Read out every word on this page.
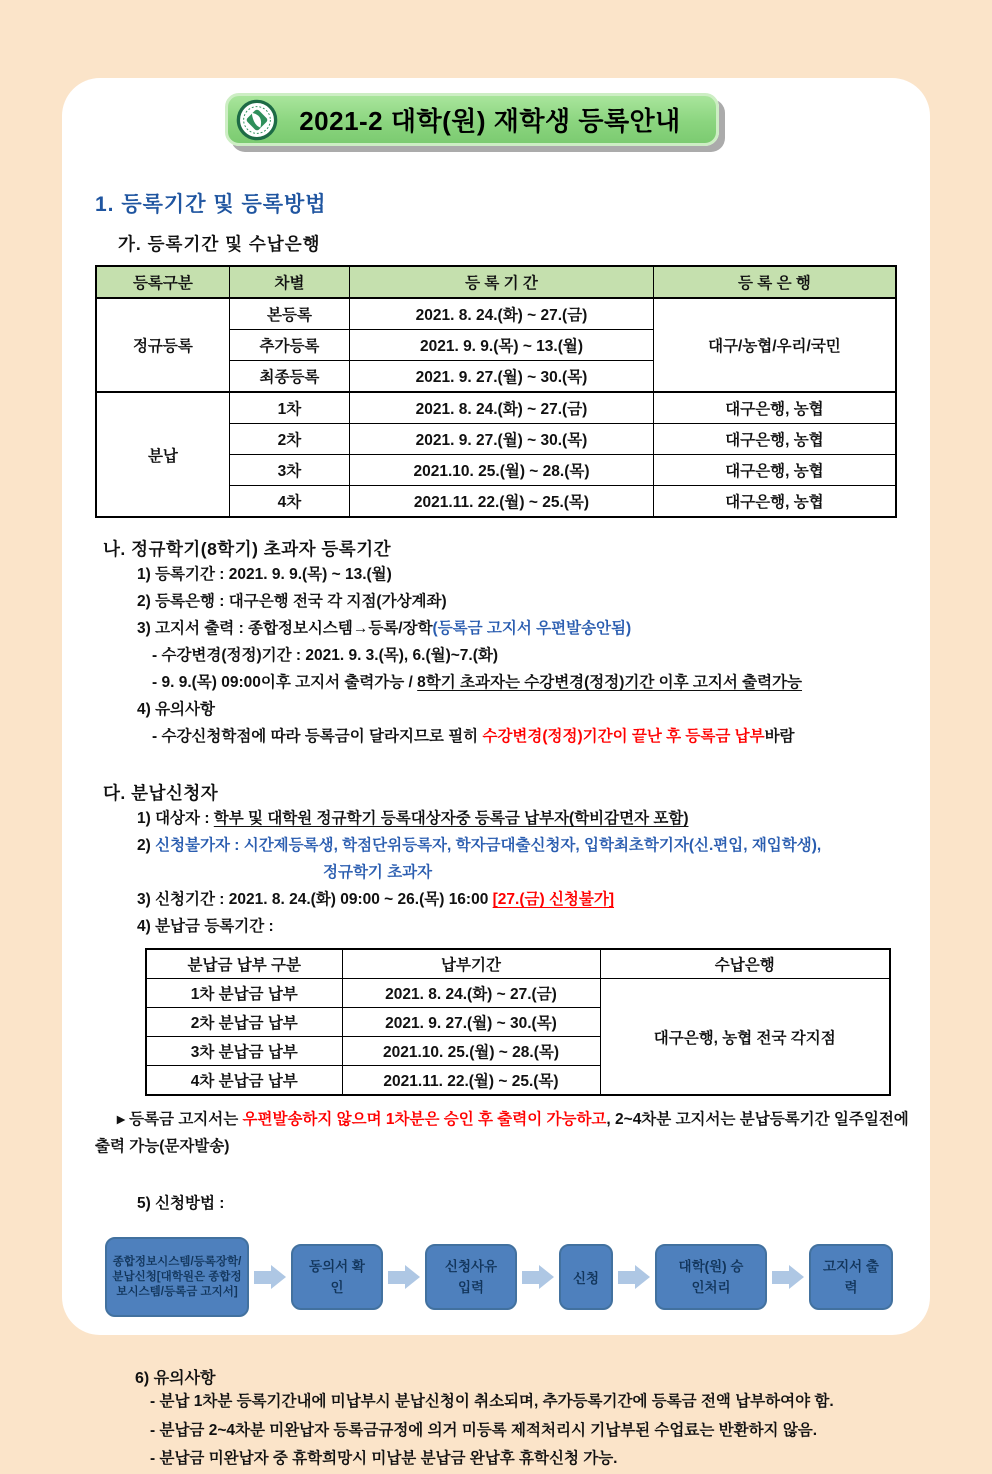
2021-2 대학(원) 재학생 등록안내
1. 등록기간 및 등록방법
가. 등록기간 및 수납은행
등록구분	차별	등 록 기 간	등 록 은 행
정규등록	본등록	2021. 8. 24.(화) ~ 27.(금)	대구/농협/우리/국민
	추가등록	2021. 9. 9.(목) ~ 13.(월)	
	최종등록	2021. 9. 27.(월) ~ 30.(목)	
분납	1차	2021. 8. 24.(화) ~ 27.(금)	대구은행, 농협
	2차	2021. 9. 27.(월) ~ 30.(목)	대구은행, 농협
	3차	2021.10. 25.(월) ~ 28.(목)	대구은행, 농협
	4차	2021.11. 22.(월) ~ 25.(목)	대구은행, 농협
나. 정규학기(8학기) 초과자 등록기간
1) 등록기간 : 2021. 9. 9.(목) ~ 13.(월)
2) 등록은행 : 대구은행 전국 각 지점(가상계좌)
3) 고지서 출력 : 종합정보시스템→등록/장학(등록금 고지서 우편발송안됨)
- 수강변경(정정)기간 : 2021. 9. 3.(목), 6.(월)~7.(화)
- 9. 9.(목) 09:00이후 고지서 출력가능 / 8학기 초과자는 수강변경(정정)기간 이후 고지서 출력가능
4) 유의사항
- 수강신청학점에 따라 등록금이 달라지므로 필히 수강변경(정정)기간이 끝난 후 등록금 납부바람
다. 분납신청자
1) 대상자 : 학부 및 대학원 정규학기 등록대상자중 등록금 납부자(학비감면자 포함)
2) 신청불가자 : 시간제등록생, 학점단위등록자, 학자금대출신청자, 입학최초학기자(신.편입, 재입학생),
정규학기 초과자
3) 신청기간 : 2021. 8. 24.(화) 09:00 ~ 26.(목) 16:00 [27.(금) 신청불가]
4) 분납금 등록기간 :
분납금 납부 구분	납부기간	수납은행
1차 분납금 납부	2021. 8. 24.(화) ~ 27.(금)	대구은행, 농협 전국 각지점
2차 분납금 납부	2021. 9. 27.(월) ~ 30.(목)	
3차 분납금 납부	2021.10. 25.(월) ~ 28.(목)	
4차 분납금 납부	2021.11. 22.(월) ~ 25.(목)	
▸ 등록금 고지서는 우편발송하지 않으며 1차분은 승인 후 출력이 가능하고, 2~4차분 고지서는 분납등록기간 일주일전에 출력 가능(문자발송)
5) 신청방법 :
종합정보시스템/등록장학/분납신청[대학원은 종합정보시스템/등록금 고지서]
동의서 확인
신청사유 입력
신청
대학(원) 승인처리
고지서 출력
6) 유의사항
- 분납 1차분 등록기간내에 미납부시 분납신청이 취소되며, 추가등록기간에 등록금 전액 납부하여야 함.
- 분납금 2~4차분 미완납자 등록금규정에 의거 미등록 제적처리시 기납부된 수업료는 반환하지 않음.
- 분납금 미완납자 중 휴학희망시 미납분 분납금 완납후 휴학신청 가능.
